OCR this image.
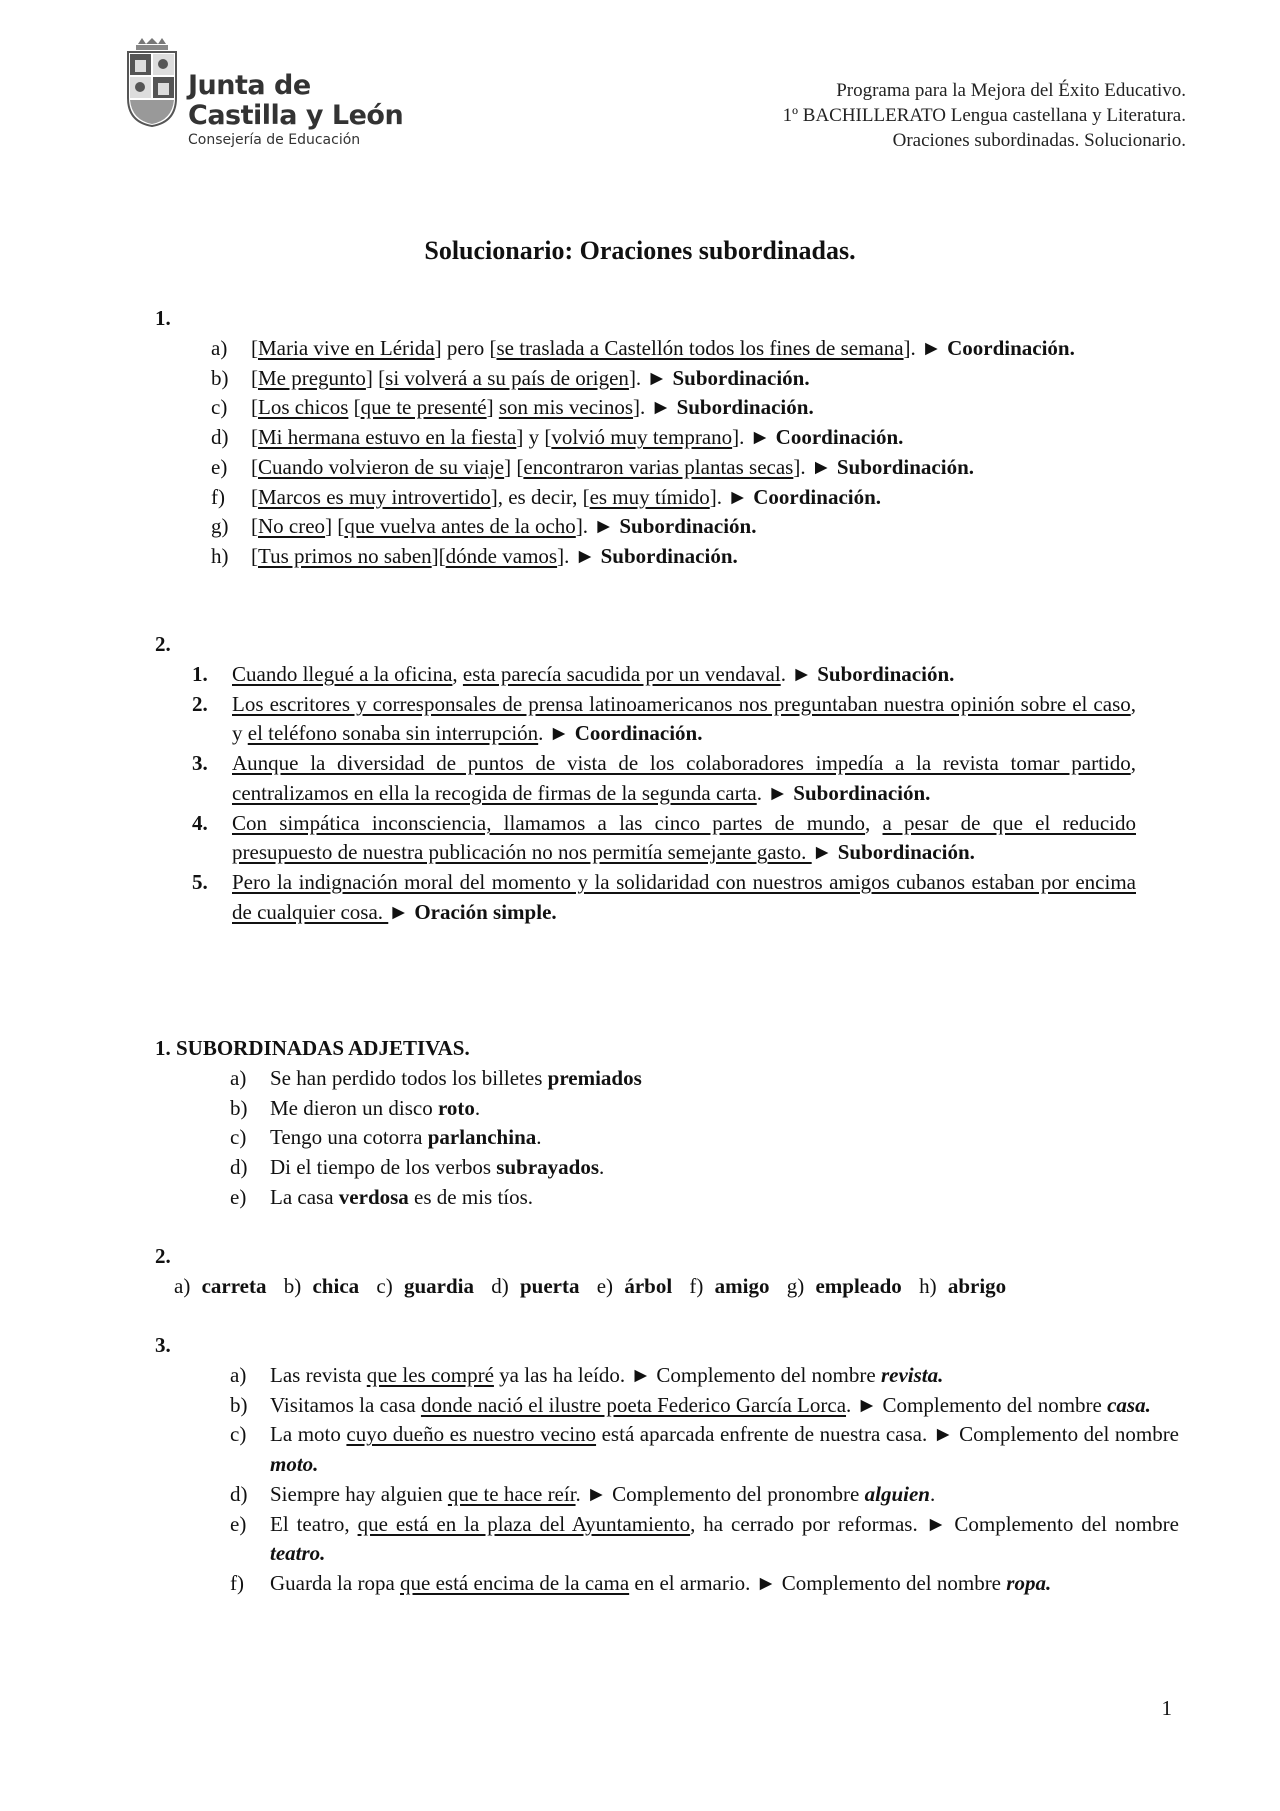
Junta de
Castilla y León
Consejería de Educación
Programa para la Mejora del Éxito Educativo.
1º BACHILLERATO Lengua castellana y Literatura.
Oraciones subordinadas. Solucionario.
Solucionario: Oraciones subordinadas.
1.
a) [Maria vive en Lérida] pero [se traslada a Castellón todos los fines de semana]. ► Coordinación.
b) [Me pregunto] [si volverá a su país de origen]. ► Subordinación.
c) [Los chicos [que te presenté] son mis vecinos]. ► Subordinación.
d) [Mi hermana estuvo en la fiesta] y [volvió muy temprano]. ► Coordinación.
e) [Cuando volvieron de su viaje] [encontraron varias plantas secas]. ► Subordinación.
f) [Marcos es muy introvertido], es decir, [es muy tímido]. ► Coordinación.
g) [No creo] [que vuelva antes de la ocho]. ► Subordinación.
h) [Tus primos no saben][dónde vamos]. ► Subordinación.
2.
1. Cuando llegué a la oficina, esta parecía sacudida por un vendaval. ► Subordinación.
2. Los escritores y corresponsales de prensa latinoamericanos nos preguntaban nuestra opinión sobre el caso, y el teléfono sonaba sin interrupción. ► Coordinación.
3. Aunque la diversidad de puntos de vista de los colaboradores impedía a la revista tomar partido, centralizamos en ella la recogida de firmas de la segunda carta. ► Subordinación.
4. Con simpática inconsciencia, llamamos a las cinco partes de mundo, a pesar de que el reducido presupuesto de nuestra publicación no nos permitía semejante gasto. ► Subordinación.
5. Pero la indignación moral del momento y la solidaridad con nuestros amigos cubanos estaban por encima de cualquier cosa. ► Oración simple.
1. SUBORDINADAS ADJETIVAS.
a) Se han perdido todos los billetes premiados
b) Me dieron un disco roto.
c) Tengo una cotorra parlanchina.
d) Di el tiempo de los verbos subrayados.
e) La casa verdosa es de mis tíos.
2.
a) carreta b) chica c) guardia d) puerta e) árbol f) amigo g) empleado h) abrigo
3.
a) Las revista que les compré ya las ha leído. ► Complemento del nombre revista.
b) Visitamos la casa donde nació el ilustre poeta Federico García Lorca. ► Complemento del nombre casa.
c) La moto cuyo dueño es nuestro vecino está aparcada enfrente de nuestra casa. ► Complemento del nombre moto.
d) Siempre hay alguien que te hace reír. ► Complemento del pronombre alguien.
e) El teatro, que está en la plaza del Ayuntamiento, ha cerrado por reformas. ► Complemento del nombre teatro.
f) Guarda la ropa que está encima de la cama en el armario. ► Complemento del nombre ropa.
1
